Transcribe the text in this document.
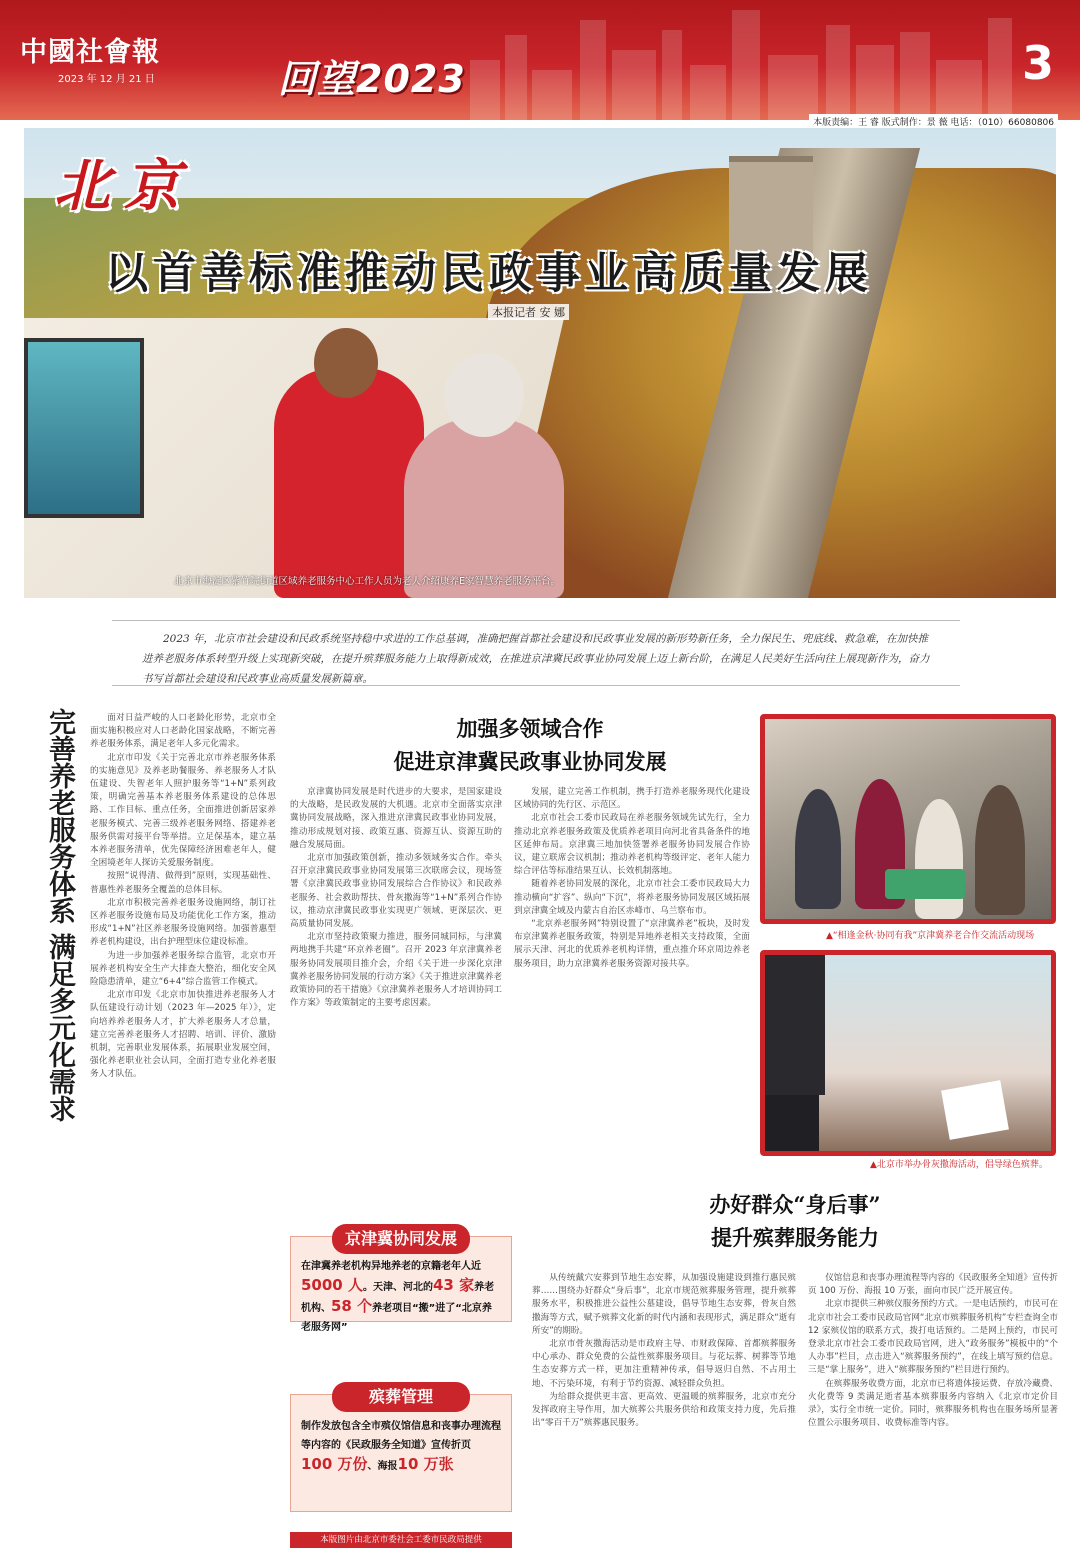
中國社會報
2023 年 12 月 21 日	回望2023	3
本版责编：王 睿 版式制作：景 薇 电话：（010）66080806
北京
以首善标准推动民政事业高质量发展
本报记者 安 娜
北京市海淀区紫竹院街道区域养老服务中心工作人员为老人介绍康养E家智慧养老服务平台。
2023 年，北京市社会建设和民政系统坚持稳中求进的工作总基调，准确把握首都社会建设和民政事业发展的新形势新任务，全力保民生、兜底线、救急难，在加快推进养老服务体系转型升级上实现新突破，在提升殡葬服务能力上取得新成效，在推进京津冀民政事业协同发展上迈上新台阶，在满足人民美好生活向往上展现新作为，奋力书写首都社会建设和民政事业高质量发展新篇章。
完善养老服务体系 满足多元化需求	面对日益严峻的人口老龄化形势，北京市全面实施积极应对人口老龄化国家战略，不断完善养老服务体系，满足老年人多元化需求。

北京市印发《关于完善北京市养老服务体系的实施意见》及养老助餐服务、养老服务人才队伍建设、失智老年人照护服务等“1+N”系列政策，明确完善基本养老服务体系建设的总体思路、工作目标、重点任务，全面推进创新居家养老服务模式、完善三级养老服务网络、搭建养老服务供需对接平台等举措。立足保基本，建立基本养老服务清单，优先保障经济困难老年人，健全困境老年人探访关爱服务制度。

按照“说得清、做得到”原则，实现基础性、普惠性养老服务全覆盖的总体目标。

北京市积极完善养老服务设施网络，制订社区养老服务设施布局及功能优化工作方案，推动形成“1+N”社区养老服务设施网络。加强普惠型养老机构建设，出台护理型床位建设标准。

为进一步加强养老服务综合监管，北京市开展养老机构安全生产大排查大整治，细化安全风险隐患清单，建立“6+4”综合监管工作模式。

北京市印发《北京市加快推进养老服务人才队伍建设行动计划（2023 年—2025 年）》，定向培养养老服务人才，扩大养老服务人才总量，建立完善养老服务人才招聘、培训、评价、激励机制，完善职业发展体系，拓展职业发展空间，强化养老职业社会认同，全面打造专业化养老服务人才队伍。

加强多领域合作
促进京津冀民政事业协同发展

京津冀协同发展是时代进步的大要求，是国家建设的大战略，是民政发展的大机遇。北京市全面落实京津冀协同发展战略，深入推进京津冀民政事业协同发展，推动形成规划对接、政策互惠、资源互认、资源互助的融合发展局面。

北京市加强政策创新，推动多领域务实合作。牵头召开京津冀民政事业协同发展第三次联席会议，现场签署《京津冀民政事业协同发展综合合作协议》和民政养老服务、社会救助帮扶、骨灰撒海等“1+N”系列合作协议，推动京津冀民政事业实现更广领域、更深层次、更高质量协同发展。

北京市坚持政策聚力推进，服务同城同标，与津冀两地携手共建“环京养老圈”。召开 2023 年京津冀养老服务协同发展项目推介会，介绍《关于进一步深化京津冀养老服务协同发展的行动方案》《关于推进京津冀养老政策协同的若干措施》《京津冀养老服务人才培训协同工作方案》等政策制定的主要考虑因素。

发展，建立完善工作机制，携手打造养老服务现代化建设区域协同的先行区、示范区。

北京市社会工委市民政局在养老服务领域先试先行，全力推动北京养老服务政策及优质养老项目向河北省具备条件的地区延伸布局。京津冀三地加快签署养老服务协同发展合作协议，建立联席会议机制；推动养老机构等级评定、老年人能力综合评估等标准结果互认、长效机制落地。

随着养老协同发展的深化，北京市社会工委市民政局大力推动横向“扩容”、纵向“下沉”，将养老服务协同发展区域拓展到京津冀全域及内蒙古自治区赤峰市、乌兰察布市。

“北京养老服务网”特别设置了“京津冀养老”板块，及时发布京津冀养老服务政策，特别是异地养老相关支持政策，全面展示天津、河北的优质养老机构详情，重点推介环京周边养老服务项目，助力京津冀养老服务资源对接共享。

▲“相逢金秋·协同有我”京津冀养老合作交流活动现场
▲北京市举办骨灰撒海活动，倡导绿色殡葬。
办好群众“身后事”
提升殡葬服务能力

从传统戴穴安葬到节地生态安葬，从加强设施建设到推行惠民殡葬……围绕办好群众“身后事”，北京市规范殡葬服务管理，提升殡葬服务水平，积极推进公益性公墓建设，倡导节地生态安葬，骨灰自然撒海等方式，赋予殡葬文化新的时代内涵和表现形式，满足群众“逝有所安”的期盼。

北京市骨灰撒海活动是市政府主导、市财政保障、首都殡葬服务中心承办、群众免费的公益性殡葬服务项目。与花坛葬、树葬等节地生态安葬方式一样，更加注重精神传承，倡导返归自然、不占用土地、不污染环境，有利于节约资源、减轻群众负担。

为给群众提供更丰富、更高效、更温暖的殡葬服务，北京市充分发挥政府主导作用，加大殡葬公共服务供给和政策支持力度，先后推出“零百千万”殡葬惠民服务。

仪馆信息和丧事办理流程等内容的《民政服务全知道》宣传折页 100 万份、海报 10 万张，面向市民广泛开展宣传。

北京市提供三种殡仪服务预约方式。一是电话预约，市民可在北京市社会工委市民政局官网“北京市殡葬服务机构”专栏查询全市 12 家殡仪馆的联系方式，拨打电话预约。二是网上预约，市民可登录北京市社会工委市民政局官网，进入“政务服务”模板中的“个人办事”栏目，点击进入“殡葬服务预约”，在线上填写预约信息。三是“掌上服务”，进入“殡葬服务预约”栏目进行预约。

在殡葬服务收费方面，北京市已将遗体接运费、存放冷藏费、火化费等 9 类满足逝者基本殡葬服务内容纳入《北京市定价目录》，实行全市统一定价。同时，殡葬服务机构也在服务场所显著位置公示服务项目、收费标准等内容。

在津冀养老机构异地养老的京籍老年人近 5000 人。天津、河北的43 家养老机构、58 个养老项目“搬”进了“北京养老服务网”
京津冀协同发展
制作发放包含全市殡仪馆信息和丧事办理流程等内容的《民政服务全知道》宣传折页 100 万份、海报10 万张
殡葬管理
本版图片由北京市委社会工委市民政局提供
